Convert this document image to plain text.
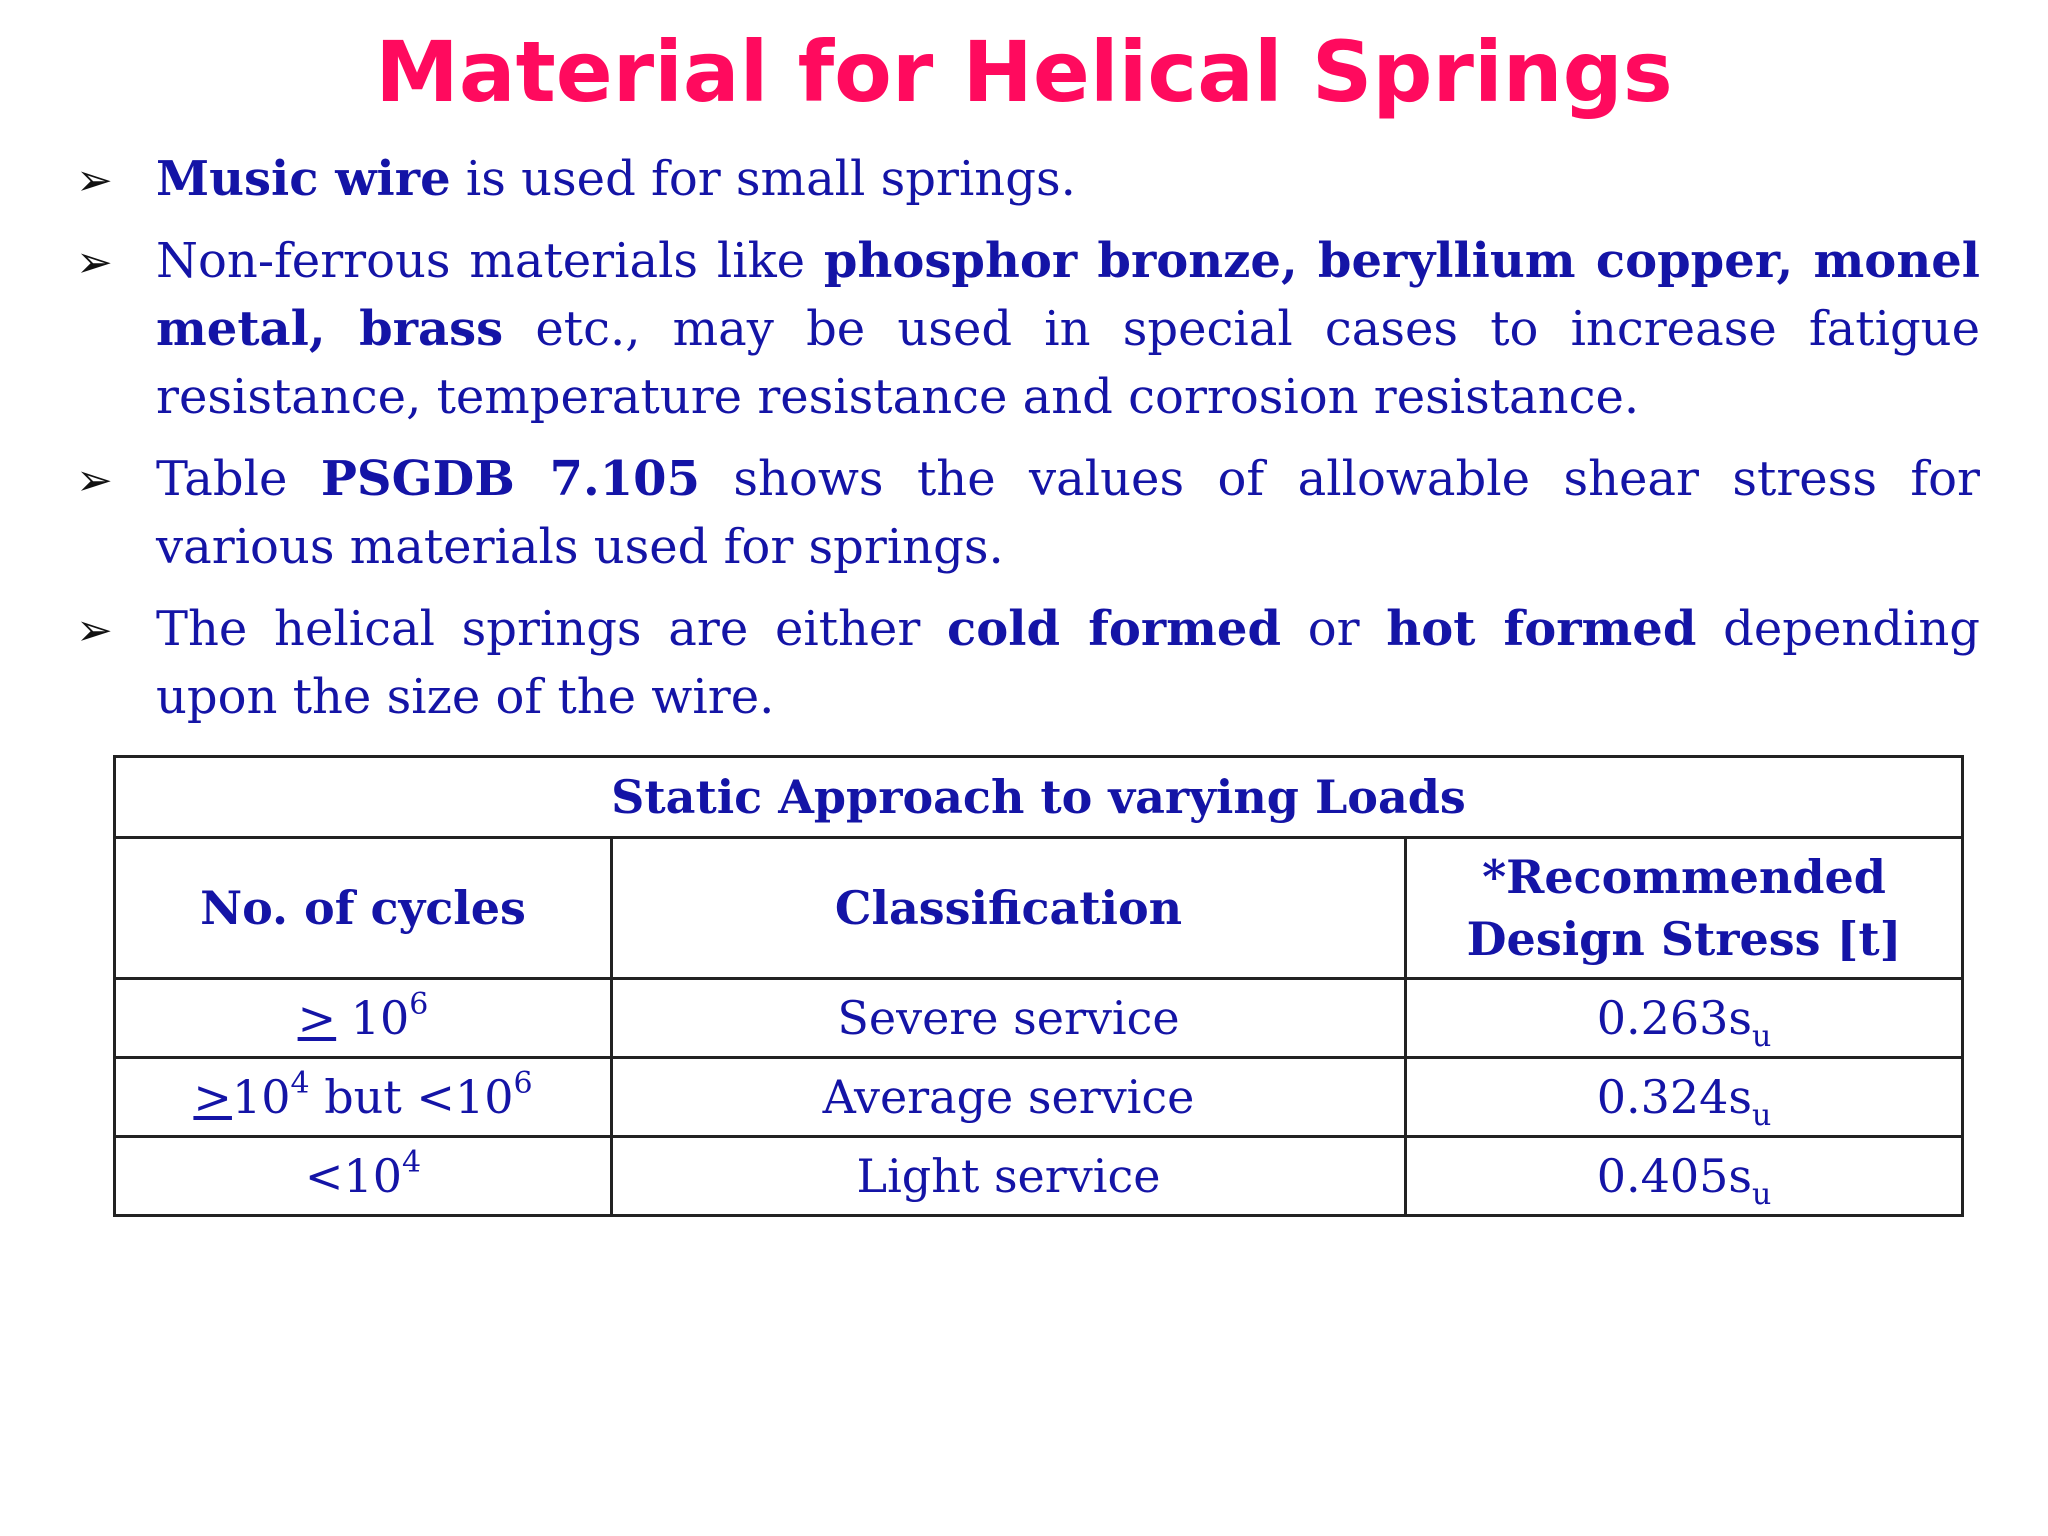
Material for Helical Springs
➢ Music wire is used for small springs.
➢ Non-ferrous materials like phosphor bronze, beryllium copper, monel metal, brass etc., may be used in special cases to increase fatigue resistance, temperature resistance and corrosion resistance.
➢ Table PSGDB 7.105 shows the values of allowable shear stress for various materials used for springs.
➢ The helical springs are either cold formed or hot formed depending upon the size of the wire.
Static Approach to varying Loads		
No. of cycles	Classification	*Recommended
Design Stress [t]
> $10^6$	Severe service	$0.263s_u$
$>10^4$ but $<10^6$	Average service	$0.324s_u$
$<10^4$	Light service	$0.405s_u$
